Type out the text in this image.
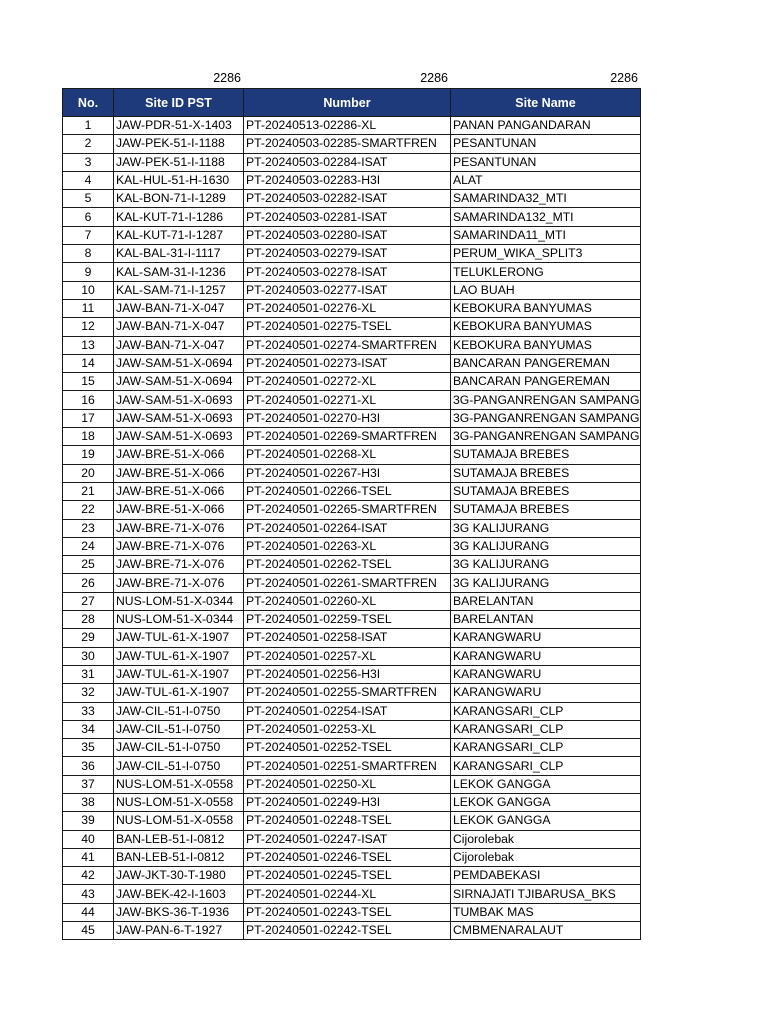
2286	2286	2286
No.	Site ID PST	Number	Site Name
1	JAW-PDR-51-X-1403	PT-20240513-02286-XL	PANAN PANGANDARAN
2	JAW-PEK-51-I-1188	PT-20240503-02285-SMARTFREN	PESANTUNAN
3	JAW-PEK-51-I-1188	PT-20240503-02284-ISAT	PESANTUNAN
4	KAL-HUL-51-H-1630	PT-20240503-02283-H3I	ALAT
5	KAL-BON-71-I-1289	PT-20240503-02282-ISAT	SAMARINDA32_MTI
6	KAL-KUT-71-I-1286	PT-20240503-02281-ISAT	SAMARINDA132_MTI
7	KAL-KUT-71-I-1287	PT-20240503-02280-ISAT	SAMARINDA11_MTI
8	KAL-BAL-31-I-1117	PT-20240503-02279-ISAT	PERUM_WIKA_SPLIT3
9	KAL-SAM-31-I-1236	PT-20240503-02278-ISAT	TELUKLERONG
10	KAL-SAM-71-I-1257	PT-20240503-02277-ISAT	LAO BUAH
11	JAW-BAN-71-X-047	PT-20240501-02276-XL	KEBOKURA BANYUMAS
12	JAW-BAN-71-X-047	PT-20240501-02275-TSEL	KEBOKURA BANYUMAS
13	JAW-BAN-71-X-047	PT-20240501-02274-SMARTFREN	KEBOKURA BANYUMAS
14	JAW-SAM-51-X-0694	PT-20240501-02273-ISAT	BANCARAN PANGEREMAN
15	JAW-SAM-51-X-0694	PT-20240501-02272-XL	BANCARAN PANGEREMAN
16	JAW-SAM-51-X-0693	PT-20240501-02271-XL	3G-PANGANRENGAN SAMPANG
17	JAW-SAM-51-X-0693	PT-20240501-02270-H3I	3G-PANGANRENGAN SAMPANG
18	JAW-SAM-51-X-0693	PT-20240501-02269-SMARTFREN	3G-PANGANRENGAN SAMPANG
19	JAW-BRE-51-X-066	PT-20240501-02268-XL	SUTAMAJA BREBES
20	JAW-BRE-51-X-066	PT-20240501-02267-H3I	SUTAMAJA BREBES
21	JAW-BRE-51-X-066	PT-20240501-02266-TSEL	SUTAMAJA BREBES
22	JAW-BRE-51-X-066	PT-20240501-02265-SMARTFREN	SUTAMAJA BREBES
23	JAW-BRE-71-X-076	PT-20240501-02264-ISAT	3G KALIJURANG
24	JAW-BRE-71-X-076	PT-20240501-02263-XL	3G KALIJURANG
25	JAW-BRE-71-X-076	PT-20240501-02262-TSEL	3G KALIJURANG
26	JAW-BRE-71-X-076	PT-20240501-02261-SMARTFREN	3G KALIJURANG
27	NUS-LOM-51-X-0344	PT-20240501-02260-XL	BARELANTAN
28	NUS-LOM-51-X-0344	PT-20240501-02259-TSEL	BARELANTAN
29	JAW-TUL-61-X-1907	PT-20240501-02258-ISAT	KARANGWARU
30	JAW-TUL-61-X-1907	PT-20240501-02257-XL	KARANGWARU
31	JAW-TUL-61-X-1907	PT-20240501-02256-H3I	KARANGWARU
32	JAW-TUL-61-X-1907	PT-20240501-02255-SMARTFREN	KARANGWARU
33	JAW-CIL-51-I-0750	PT-20240501-02254-ISAT	KARANGSARI_CLP
34	JAW-CIL-51-I-0750	PT-20240501-02253-XL	KARANGSARI_CLP
35	JAW-CIL-51-I-0750	PT-20240501-02252-TSEL	KARANGSARI_CLP
36	JAW-CIL-51-I-0750	PT-20240501-02251-SMARTFREN	KARANGSARI_CLP
37	NUS-LOM-51-X-0558	PT-20240501-02250-XL	LEKOK GANGGA
38	NUS-LOM-51-X-0558	PT-20240501-02249-H3I	LEKOK GANGGA
39	NUS-LOM-51-X-0558	PT-20240501-02248-TSEL	LEKOK GANGGA
40	BAN-LEB-51-I-0812	PT-20240501-02247-ISAT	Cijorolebak
41	BAN-LEB-51-I-0812	PT-20240501-02246-TSEL	Cijorolebak
42	JAW-JKT-30-T-1980	PT-20240501-02245-TSEL	PEMDABEKASI
43	JAW-BEK-42-I-1603	PT-20240501-02244-XL	SIRNAJATI TJIBARUSA_BKS
44	JAW-BKS-36-T-1936	PT-20240501-02243-TSEL	TUMBAK MAS
45	JAW-PAN-6-T-1927	PT-20240501-02242-TSEL	CMBMENARALAUT
